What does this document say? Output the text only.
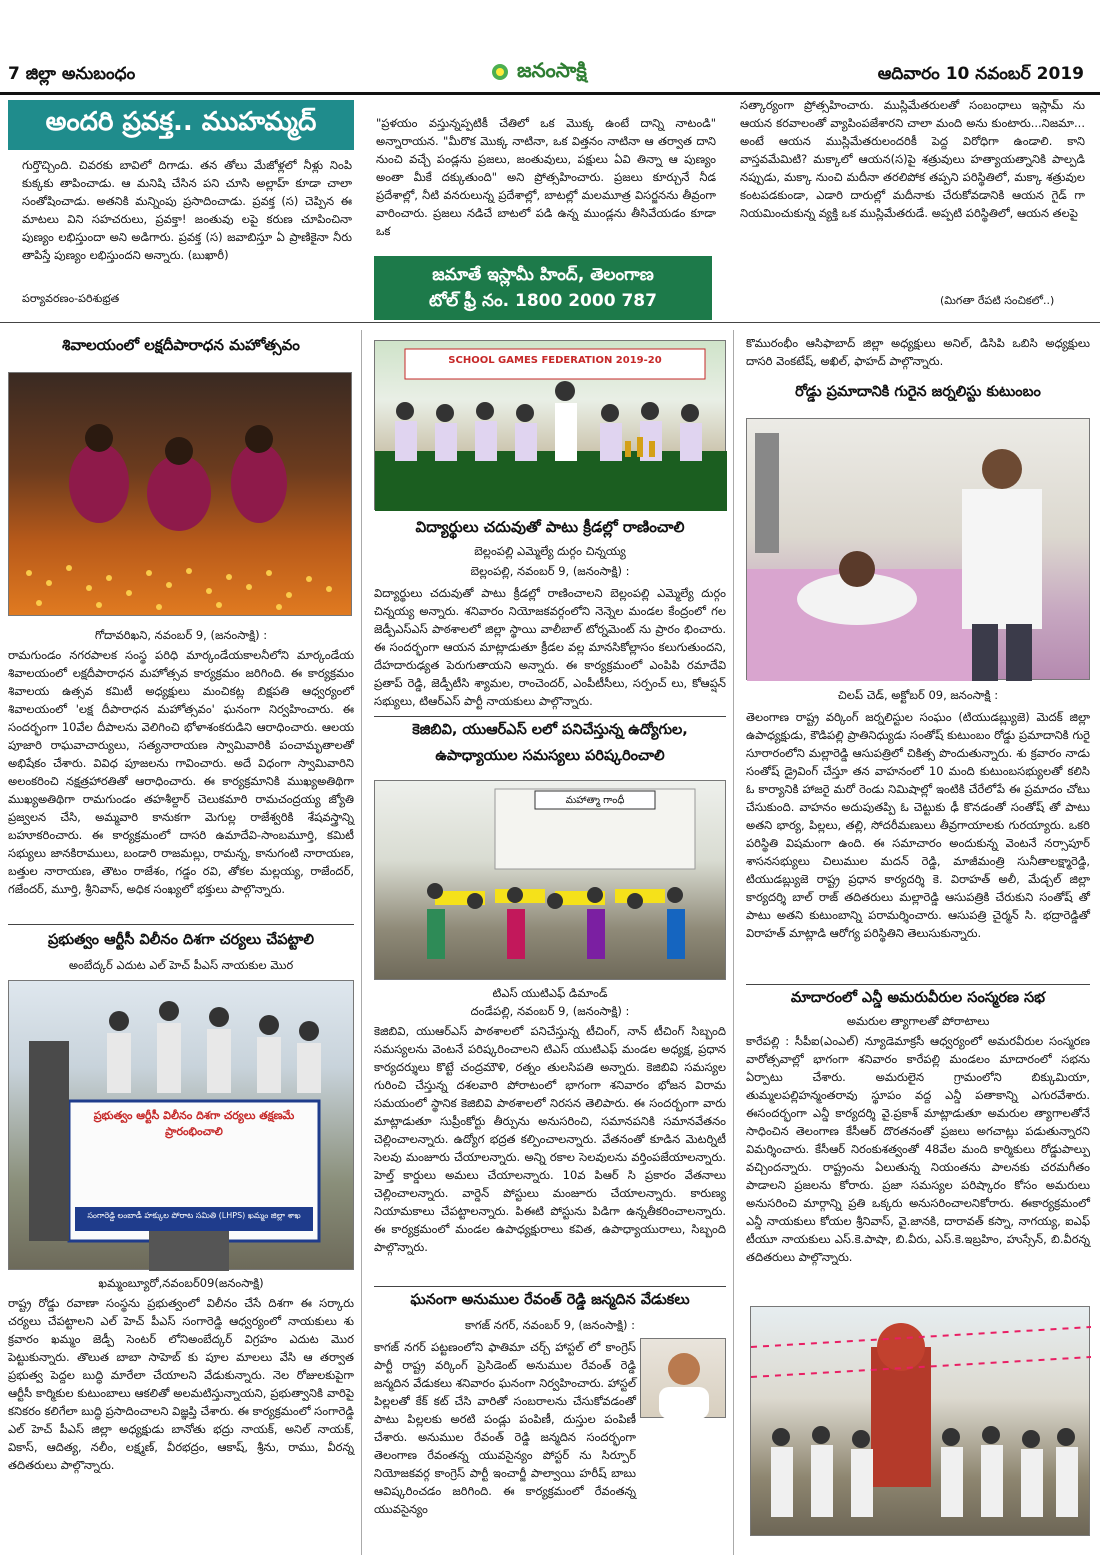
7 జిల్లా అనుబంధం	జనంసాక్షి	ఆదివారం 10 నవంబర్ 2019
అందరి ప్రవక్త.. ముహమ్మద్
గుర్తొచ్చింది. చివరకు బావిలో దిగాడు. తన తోలు మేజోళ్లలో నీళ్లు నింపి కుక్కకు తాపించాడు. ఆ మనిషి చేసిన పని చూసి అల్లాహ్ కూడా చాలా సంతోషించాడు. అతనికి మన్నింపు ప్రసాదించాడు. ప్రవక్త (స) చెప్పిన ఈ మాటలు విని సహచరులు, ప్రవక్తా! జంతువు లపై కరుణ చూపించినా పుణ్యం లభిస్తుందా అని అడిగారు. ప్రవక్త (స) జవాబిస్తూ ఏ ప్రాణికైనా నీరు తాపిస్తే పుణ్యం లభిస్తుందని అన్నారు. (బుఖారీ)
పర్యావరణం-పరిశుభ్రత
"ప్రళయం వస్తున్నప్పటికీ చేతిలో ఒక మొక్క ఉంటే దాన్ని నాటండి" అన్నారాయన. "మీరొక మొక్క నాటినా, ఒక విత్తనం నాటినా ఆ తర్వాత దాని నుంచి వచ్చే పండ్లను ప్రజలు, జంతువులు, పక్షులు ఏవి తిన్నా ఆ పుణ్యం అంతా మీకే దక్కుతుంది" అని ప్రోత్సహించారు. ప్రజలు కూర్చునే నీడ ప్రదేశాల్లో, నీటి వనరులున్న ప్రదేశాల్లో, బాటల్లో మలమూత్ర విసర్జనను తీవ్రంగా వారించారు. ప్రజలు నడిచే బాటలో పడి ఉన్న ముండ్లను తీసివేయడం కూడా ఒక
జమాతే ఇస్లామీ హింద్, తెలంగాణ
టోల్ ఫ్రీ నం. 1800 2000 787
సత్కార్యంగా ప్రోత్సహించారు. ముస్లిమేతరులతో సంబంధాలు ఇస్లామ్ ను ఆయన కరవాలంతో వ్యాపింపజేశారని చాలా మంది అను కుంటారు...నిజమా... అంటే ఆయన ముస్లిమేతరులందరికీ పెద్ద విరోధిగా ఉండాలి. కాని వాస్తవమేమిటి? మక్కాలో ఆయన(స)పై శత్రువులు హత్యాయత్నానికి పాల్పడి నప్పుడు, మక్కా నుంచి మదీనా తరలిపోక తప్పని పరిస్థితిలో, మక్కా శత్రువుల కంటపడకుండా, ఎడారి దారుల్లో మదీనాకు చేరుకోవడానికి ఆయన గైడ్ గా నియమించుకున్న వ్యక్తి ఒక ముస్లిమేతరుడే. అప్పటి పరిస్థితిలో, ఆయన తలపై
(మిగతా రేపటి సంచికలో..)
శివాలయంలో లక్షదీపారాధన మహోత్సవం
గోదావరిఖని, నవంబర్ 9, (జనంసాక్షి) :
రామగుండం నగరపాలక సంస్థ పరిధి మార్కండేయకాలనీలోని మార్కండేయ శివాలయంలో లక్షదీపారాధన మహోత్సవ కార్యక్రమం జరిగింది. ఈ కార్యక్రమం శివాలయ ఉత్సవ కమిటీ అధ్యక్షులు మంచికట్ల బిక్షపతి ఆధ్వర్యంలో శివాలయంలో 'లక్ష దీపారాధన మహోత్సవం' ఘనంగా నిర్వహించారు. ఈ సందర్భంగా 10వేల దీపాలను వెలిగించి భోళాశంకరుడిని ఆరాధించారు. ఆలయ పూజారి రాఘవాచార్యులు, సత్యనారాయణ స్వామివారికి పంచామృతాలతో అభిషేకం చేశారు. వివిధ పూజలను గావించారు. అదే విధంగా స్వామివారిని అలంకరించి నక్షత్రహారతితో ఆరాధించారు. ఈ కార్యక్రమానికి ముఖ్యఅతిథిగా ముఖ్యఅతిథిగా రామగుండం తహశీల్దార్ చెలుకమారి రామచంద్రయ్య జ్యోతి ప్రజ్వలన చేసి, అమ్మవారి కానుకగా మెగుల్ల రాజేశ్వరికి శేషవస్త్రాన్ని బహూకరించారు. ఈ కార్యక్రమంలో దాసరి ఉమాదేవి-సాంబమూర్తి, కమిటీ సభ్యులు జానకిరాములు, బండారి రాజమల్లు, రామన్న, కానుగంటి నారాయణ, బత్తుల నారాయణ, తౌటం రాజేశం, గడ్డం రవి, తోకల మల్లయ్య, రాజేందర్, గజేందర్, మూర్తి, శ్రీనివాస్, అధిక సంఖ్యలో భక్తులు పాల్గొన్నారు.
ప్రభుత్వం ఆర్టీసీ విలీనం దిశగా చర్యలు చేపట్టాలి
అంబేద్కర్ ఎదుట ఎల్ హెచ్ పీఎస్ నాయకుల మొర
ప్రభుత్వం ఆర్టీసీ విలీనం దిశగా చర్యలు తక్షణమే ప్రారంభించాలి
సంగారెడ్డి లంబాడీ హక్కుల పోరాట సమితి (LHPS) ఖమ్మం జిల్లా శాఖ
ఖమ్మంబ్యూరో,నవంబర్09(జనంసాక్షి)
రాష్ట్ర రోడ్డు రవాణా సంస్థను ప్రభుత్వంలో విలీనం చేసే దిశగా ఈ సర్కారు చర్యలు చేపట్టాలని ఎల్ హెచ్ పీఎస్ సంగారెడ్డి ఆధ్వర్యంలో నాయకులు శు క్రవారం ఖమ్మం జెడ్పీ సెంటర్ లోనిఅంబేద్కర్ విగ్రహం ఎదుట మొర పెట్టుకున్నారు. తొలుత బాబా సాహెబ్ కు పూల మాలలు వేసి ఆ తర్వాత ప్రభుత్వ పెద్దల బుద్ధి మారేలా చేయాలని వేడుకున్నారు. నెల రోజులకుపైగా ఆర్టీసీ కార్మికుల కుటుంబాలు ఆకలితో అలమటిస్తున్నాయని, ప్రభుత్వానికి వారిపై కనికరం కలిగేలా బుద్ధి ప్రసాదించాలని విజ్ఞప్తి చేశారు. ఈ కార్యక్రమంలో సంగారెడ్డి ఎల్ హెచ్ పీఎస్ జిల్లా అధ్యక్షుడు బానోతు భద్రు నాయక్, అనిల్ నాయక్, వికాస్, ఆదిత్య, నలీం, లక్ష్మణ్, వీరభద్రం, ఆకాష్, శ్రీను, రాము, వీరన్న తదితరులు పాల్గొన్నారు.
SCHOOL GAMES FEDERATION 2019-20
విద్యార్థులు చదువుతో పాటు క్రీడల్లో రాణించాలి
బెల్లంపల్లి ఎమ్మెల్యే దుర్గం చిన్నయ్య
బెల్లంపల్లి, నవంబర్ 9, (జనంసాక్షి) :
విద్యార్థులు చదువుతో పాటు క్రీడల్లో రాణించాలని బెల్లంపల్లి ఎమ్మెల్యే దుర్గం చిన్నయ్య అన్నారు. శనివారం నియోజకవర్గంలోని నెన్నెల మండల కేంద్రంలో గల జెడ్పీఎస్ఎస్ పాఠశాలలో జిల్లా స్థాయి వాలీబాల్ టోర్నమెంట్ ను ప్రారం భించారు. ఈ సందర్భంగా ఆయన మాట్లాడుతూ క్రీడల వల్ల మానసికోల్లాసం కలుగుతుందని, దేహదారుఢ్యత పెరుగుతాయని అన్నారు. ఈ కార్యక్రమంలో ఎంపిపి రమాదేవి ప్రతాప్ రెడ్డి, జెడ్పీటీసి శ్యామల, రాంచెందర్, ఎంపీటీసీలు, సర్పంచ్ లు, కోఆప్షన్ సభ్యులు, టిఆర్ఎస్ పార్టీ నాయకులు పాల్గొన్నారు.
కెజిబివి, యుఆర్ఎస్ లలో పనిచేస్తున్న ఉద్యోగుల,
ఉపాధ్యాయుల సమస్యలు పరిష్కరించాలి
మహాత్మా గాంధీ
టిఎస్ యుటిఎఫ్ డిమాండ్
దండేపల్లి, నవంబర్ 9, (జనంసాక్షి) :
కెజిబివి, యుఆర్ఎస్ పాఠశాలలో పనిచేస్తున్న టీచింగ్, నాన్ టీచింగ్ సిబ్బంది సమస్యలను వెంటనే పరిష్కరించాలని టిఎస్ యుటిఎఫ్ మండల అధ్యక్ష, ప్రధాన కార్యదర్శులు కొట్టే చంద్రమౌళి, రత్నం తులసిపతి అన్నారు. కెజిబివి సమస్యల గురించి చేస్తున్న దశలవారి పోరాటంలో భాగంగా శనివారం భోజన విరామ సమయంలో స్థానిక కెజిబివి పాఠశాలలో నిరసన తెలిపారు. ఈ సందర్బంగా వారు మాట్లాడుతూ సుప్రీంకోర్టు తీర్పును అనుసరించి, సమానపనికి సమానవేతనం చెల్లించాలన్నారు. ఉద్యోగ భద్రత కల్పించాలన్నారు. వేతనంతో కూడిన మెటర్నిటీ సెలవు మంజూరు చేయాలన్నారు. అన్ని రకాల సెలవులను వర్తింపజేయాలన్నారు. హెల్త్ కార్డులు అమలు చేయాలన్నారు. 10వ పిఆర్ సి ప్రకారం వేతనాలు చెల్లించాలన్నారు. వార్డెన్ పోస్టులు మంజూరు చేయాలన్నారు. కారుణ్య నియామకాలు చేపట్టాలన్నారు. పిఈటి పోస్టును పిడిగా ఉన్నతీకరించాలన్నారు. ఈ కార్యక్రమంలో మండల ఉపాధ్యక్షురాలు కవిత, ఉపాధ్యాయురాలు, సిబ్బంది పాల్గొన్నారు.
ఘనంగా అనుముల రేవంత్ రెడ్డి జన్మదిన వేడుకలు
కాగజ్ నగర్, నవంబర్ 9, (జనంసాక్షి) :
కాగజ్ నగర్ పట్టణంలోని ఫాతిమా చర్చ్ హాస్టల్ లో కాంగ్రెస్ పార్టీ రాష్ట్ర వర్కింగ్ ప్రెసిడెంట్ అనుముల రేవంత్ రెడ్డి జన్మదిన వేడుకలు శనివారం ఘనంగా నిర్వహించారు. హాస్టల్ పిల్లలతో కేక్ కట్ చేసి వారితో సంబరాలను చేసుకోవడంతో పాటు పిల్లలకు అరటి పండ్లు పంపిణీ, దుస్తుల పంపిణీ చేశారు. అనుముల రేవంత్ రెడ్డి జన్మదిన సందర్భంగా తెలంగాణ రేవంతన్న యువసైన్యం పోస్టర్ ను సిర్పూర్ నియోజకవర్గ కాంగ్రెస్ పార్టీ ఇంచార్జీ పాల్వాయి హరీష్ బాబు ఆవిష్కరించడం జరిగింది. ఈ కార్యక్రమంలో రేవంతన్న యువసైన్యం
కొమురంభీం ఆసిఫాబాద్ జిల్లా అధ్యక్షులు అనిల్, డిసిపి ఒబిసి అధ్యక్షులు దాసరి వెంకటేష్, అఖిల్, ఫాహద్ పాల్గొన్నారు.
రోడ్డు ప్రమాదానికి గురైన జర్నలిస్టు కుటుంబం
చిలప్ చెడ్, అక్టోబర్ 09, జనంసాక్షి :
తెలంగాణ రాష్ట్ర వర్కింగ్ జర్నలిస్టుల సంఘం (టియుడబ్ల్యుజె) మెదక్ జిల్లా ఉపాధ్యక్షుడు, కౌడిపల్లి ప్రాతినిధ్యుడు సంతోష్ కుటుంబం రోడ్డు ప్రమాదానికి గురై సూరారంలోని మల్లారెడ్డి ఆసుపత్రిలో చికిత్స పొందుతున్నారు. శు క్రవారం నాడు సంతోష్ డ్రైవింగ్ చేస్తూ తన వాహనంలో 10 మంది కుటుంబసభ్యులతో కలిసి ఓ కార్యానికి హాజరై మరో రెండు నిమిషాల్లో ఇంటికి చేరేలోపే ఈ ప్రమాదం చోటు చేసుకుంది. వాహనం అదుపుతప్పి ఓ చెట్టుకు ఢీ కొనడంతో సంతోష్ తో పాటు అతని భార్య, పిల్లలు, తల్లి, సోదరీమణులు తీవ్రగాయాలకు గురయ్యారు. ఒకరి పరిస్థితి విషమంగా ఉంది. ఈ సమాచారం అందుకున్న వెంటనే నర్సాపూర్ శాసనసభ్యులు చిలుముల మదన్ రెడ్డి, మాజీమంత్రి సునీతాలక్ష్మారెడ్డి, టియుడబ్ల్యుజె రాష్ట్ర ప్రధాన కార్యదర్శి కె. విరాహత్ అలీ, మేడ్చల్ జిల్లా కార్యదర్శి బాల్ రాజ్ తదితరులు మల్లారెడ్డి ఆసుపత్రికి చేరుకుని సంతోష్ తో పాటు అతని కుటుంబాన్ని పరామర్శించారు. ఆసుపత్రి చైర్మన్ సి. భద్రారెడ్డితో విరాహత్ మాట్లాడి ఆరోగ్య పరిస్థితిని తెలుసుకున్నారు.
మాదారంలో ఎన్డీ అమరువీరుల సంస్మరణ సభ
అమరుల త్యాగాలతో పోరాటాలు
కారేపల్లి : సీపీఐ(ఎంఎల్) న్యూడెమాక్రసీ ఆధ్వర్యంలో అమరవీరుల సంస్మరణ వారోత్సవాల్లో భాగంగా శనివారం కారేపల్లి మండలం మాదారంలో సభను ఏర్పాటు చేశారు. అమరులైన గ్రామంలోని బిక్కుమియా, తుమ్మలపల్లిహన్మంతరావు స్థూపం వద్ద ఎన్డీ పతాకాన్ని ఎగురవేశారు. ఈసందర్భంగా ఎన్డీ కార్యదర్శి వై.ప్రకాశ్ మాట్లాడుతూ అమరుల త్యాగాలతోనే సాధించిన తెలంగాణ కేసీఆర్ దొరతనంతో ప్రజలు అగచాట్లు పడుతున్నారని విమర్శించారు. కేసీఆర్ నిరంకుశత్వంతో 48వేల మంది కార్మికులు రోడ్డుపాల్పు వచ్చిందన్నారు. రాష్ట్రంను ఏలుతున్న నియంతను పాలనకు చరమగీతం పాడాలని ప్రజలను కోరారు. ప్రజా సమస్యల పరిష్కారం కోసం అమరులు అనుసరించి మార్గాన్ని ప్రతి ఒక్కరు అనుసరించాలనికోరారు. ఈకార్యక్రమంలో ఎన్డీ నాయకులు కోయల శ్రీనివాస్, వై.జానకి, దారావత్ కస్నా, నాగయ్య, ఐఎఫ్ టీయూ నాయకులు ఎస్.కె.పాషా, బి.వీరు, ఎస్.కె.ఇబ్రహిం, హుస్సేన్, బి.వీరన్న తదితరులు పాల్గొన్నారు.
